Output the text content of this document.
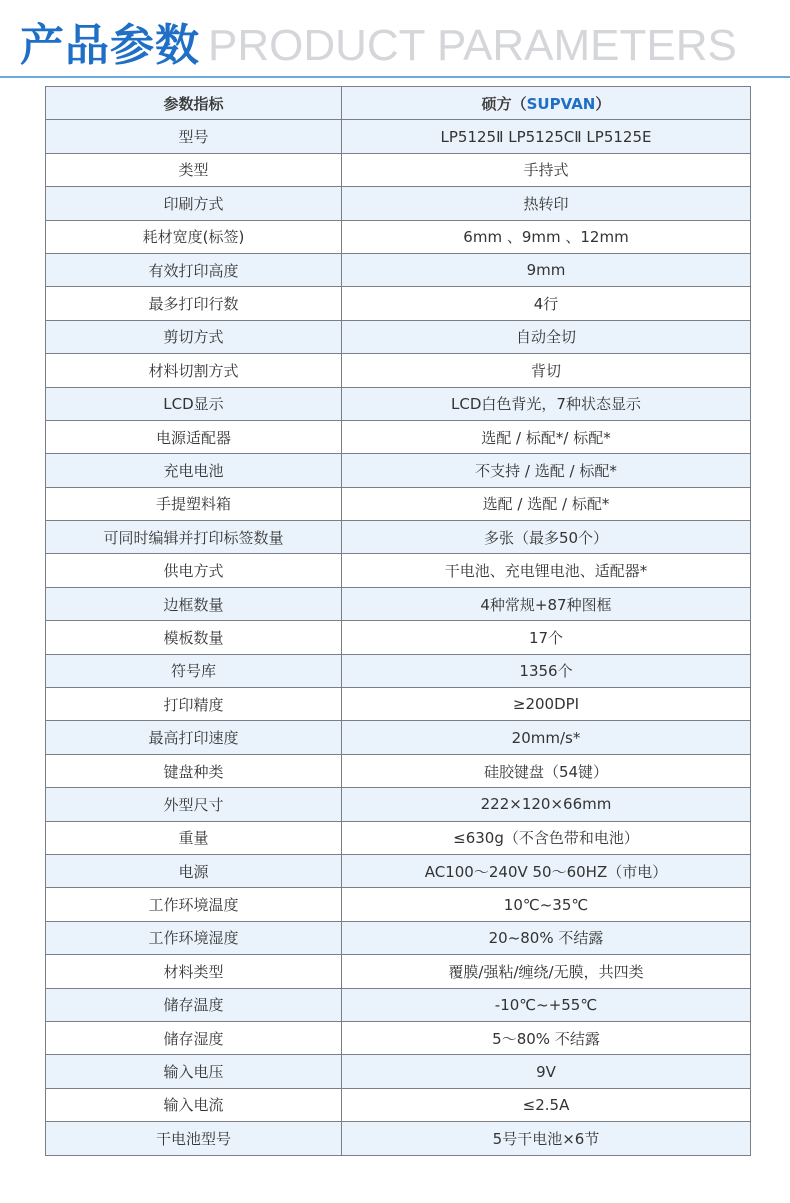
产品参数 PRODUCT PARAMETERS
参数指标	硕方（SUPVAN）
型号	LP5125Ⅱ LP5125CⅡ LP5125E
类型	手持式
印刷方式	热转印
耗材宽度(标签)	6mm 、9mm 、12mm
有效打印高度	9mm
最多打印行数	4行
剪切方式	自动全切
材料切割方式	背切
LCD显示	LCD白色背光，7种状态显示
电源适配器	选配 / 标配*/ 标配*
充电电池	不支持 / 选配 / 标配*
手提塑料箱	选配 / 选配 / 标配*
可同时编辑并打印标签数量	多张（最多50个）
供电方式	干电池、充电锂电池、适配器*
边框数量	4种常规+87种图框
模板数量	17个
符号库	1356个
打印精度	≥200DPI
最高打印速度	20mm/s*
键盘种类	硅胶键盘（54键）
外型尺寸	222×120×66mm
重量	≤630g（不含色带和电池）
电源	AC100～240V 50～60HZ（市电）
工作环境温度	10℃~35℃
工作环境湿度	20~80% 不结露
材料类型	覆膜/强粘/缠绕/无膜，共四类
储存温度	-10℃~+55℃
储存湿度	5～80% 不结露
输入电压	9V
输入电流	≤2.5A
干电池型号	5号干电池×6节
